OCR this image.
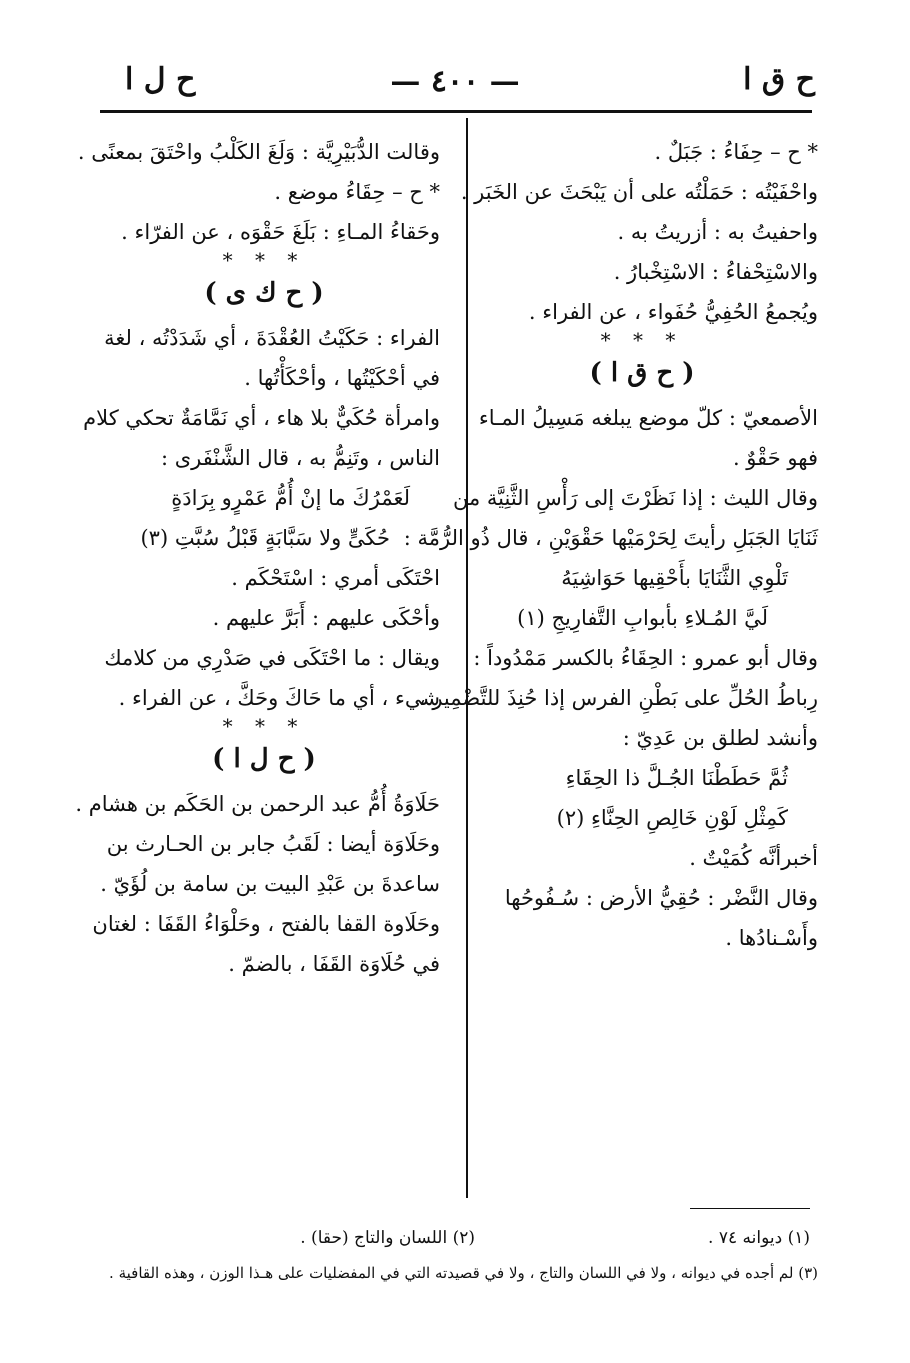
ح ق ا
— ٤٠٠ —
ح ل ا
* ح – حِفَاءُ : جَبَلٌ .
واحْفَيْتُه : حَمَلْتُه على أن يَبْحَثَ عن الخَبَر .
واحفيتُ به : أزريتُ به .
والاسْتِحْفاءُ : الاسْتِخْبارُ .
ويُجمعُ الحُفِيُّ حُفَواء ، عن الفراء .
* * *
( ح ق ا )
الأصمعيّ : كلّ موضع يبلغه مَسِيلُ المـاء
فهو حَقْوٌ .
وقال الليث : إذا نَظَرْتَ إلى رَأْسِ الثَّنِيَّة من
ثَنَايَا الجَبَلِ رأيتَ لِحَرْمَيْها حَقْوَيْنِ ، قال ذُو الرُّمَّة :
تَلْوِي الثَّنَايَا بأَحْقِيها حَوَاشِيَهُ
لَيَّ المُـلاءِ بأبوابِ التَّفارِيجِ (١)
وقال أبو عمرو : الحِقَاءُ بالكسر مَمْدُوداً :
رِباطُ الحُلِّ على بَطْنِ الفرس إذا حُنِذَ للتَّضْمِير ،
وأنشد لطلق بن عَدِيّ :
ثُمَّ حَطَطْنَا الجُـلَّ ذا الحِقَاءِ
كَمِثْلِ لَوْنِ خَالِصِ الحِنَّاءِ (٢)
أخبرأنَّه كُمَيْتٌ .
وقال النَّضْر : حُقِيُّ الأرض : سُـفُوحُها
وأَسْـنادُها .
وقالت الدُّبَيْرِيَّة : وَلَغَ الكَلْبُ واحْتَقَ بمعنًى .
* ح – حِقَاءُ موضع .
وحَقاءُ المـاءِ : بَلَغَ حَقْوَه ، عن الفرّاء .
* * *
( ح ك ى )
الفراء : حَكَيْتُ العُقْدَةَ ، أي شَدَدْتُه ، لغة
في أحْكَيْتُها ، وأحْكَأْتُها .
وامرأة حُكَيٌّ بلا هاء ، أي نَمَّامَةٌ تحكي كلام
الناس ، وتَنِمُّ به ، قال الشَّنْفَرى :
لَعَمْرُكَ ما إنْ أُمُّ عَمْرٍو بِرَادَةٍ
حُكَىٍّ ولا سَبَّابَةٍ قَبْلُ سُبَّتِ (٣)
احْتَكَى أمري : اسْتَحْكَم .
وأحْكَى عليهم : أَبَرَّ عليهم .
ويقال : ما احْتَكَى في صَدْرِي من كلامك
شيء ، أي ما حَاكَ وحَكَّ ، عن الفراء .
* * *
( ح ل ا )
حَلَاوَةُ أُمُّ عبد الرحمن بن الحَكَم بن هشام .
وحَلَاوَة أيضا : لَقَبُ جابر بن الحـارث بن
ساعدةَ بن عَبْدِ البيت بن سامة بن لُؤَيّ .
وحَلَاوة القفا بالفتح ، وحَلْوَاءُ القَفَا : لغتان
في حُلَاوَة القَفَا ، بالضمّ .
(١) ديوانه ٧٤ .
(٢) اللسان والتاج (حقا) .
(٣) لم أجده في ديوانه ، ولا في اللسان والتاج ، ولا في قصيدته التي في المفضليات على هـذا الوزن ، وهذه القافية .
